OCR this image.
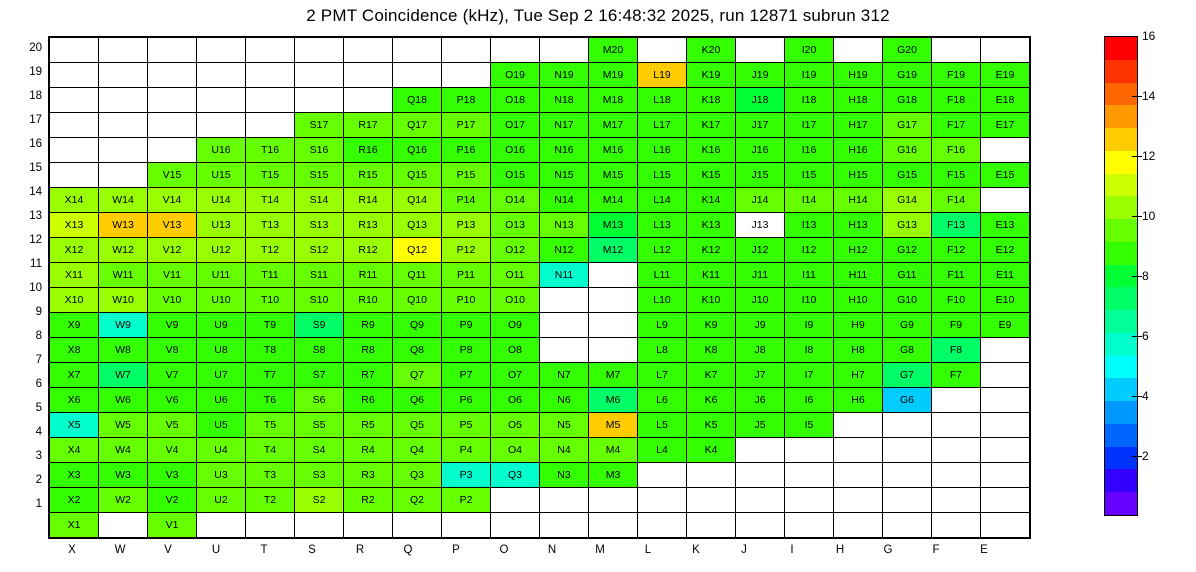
2 PMT Coincidence (kHz), Tue Sep 2 16:48:32 2025, run 12871 subrun 312
20
19
18
17
16
15
14
13
12
11
10
9
8
7
6
5
4
3
2
1
											M20		K20		I20		G20		
									O19	N19	M19	L19	K19	J19	I19	H19	G19	F19	E19
							Q18	P18	O18	N18	M18	L18	K18	J18	I18	H18	G18	F18	E18
					S17	R17	Q17	P17	O17	N17	M17	L17	K17	J17	I17	H17	G17	F17	E17
			U16	T16	S16	R16	Q16	P16	O16	N16	M16	L16	K16	J16	I16	H16	G16	F16	
		V15	U15	T15	S15	R15	Q15	P15	O15	N15	M15	L15	K15	J15	I15	H15	G15	F15	E15
X14	W14	V14	U14	T14	S14	R14	Q14	P14	O14	N14	M14	L14	K14	J14	I14	H14	G14	F14	
X13	W13	V13	U13	T13	S13	R13	Q13	P13	O13	N13	M13	L13	K13	J13	I13	H13	G13	F13	E13
X12	W12	V12	U12	T12	S12	R12	Q12	P12	O12	N12	M12	L12	K12	J12	I12	H12	G12	F12	E12
X11	W11	V11	U11	T11	S11	R11	Q11	P11	O11	N11		L11	K11	J11	I11	H11	G11	F11	E11
X10	W10	V10	U10	T10	S10	R10	Q10	P10	O10			L10	K10	J10	I10	H10	G10	F10	E10
X9	W9	V9	U9	T9	S9	R9	Q9	P9	O9			L9	K9	J9	I9	H9	G9	F9	E9
X8	W8	V8	U8	T8	S8	R8	Q8	P8	O8			L8	K8	J8	I8	H8	G8	F8	
X7	W7	V7	U7	T7	S7	R7	Q7	P7	O7	N7	M7	L7	K7	J7	I7	H7	G7	F7	
X6	W6	V6	U6	T6	S6	R6	Q6	P6	O6	N6	M6	L6	K6	J6	I6	H6	G6		
X5	W5	V5	U5	T5	S5	R5	Q5	P5	O5	N5	M5	L5	K5	J5	I5				
X4	W4	V4	U4	T4	S4	R4	Q4	P4	O4	N4	M4	L4	K4						
X3	W3	V3	U3	T3	S3	R3	Q3	P3	Q3	N3	M3								
X2	W2	V2	U2	T2	S2	R2	Q2	P2											
X1		V1																	
X	W	V	U	T	S	R	Q	P	O	N	M	L	K	J	I	H	G	F	E
2
4
6
8
10
12
14
16
